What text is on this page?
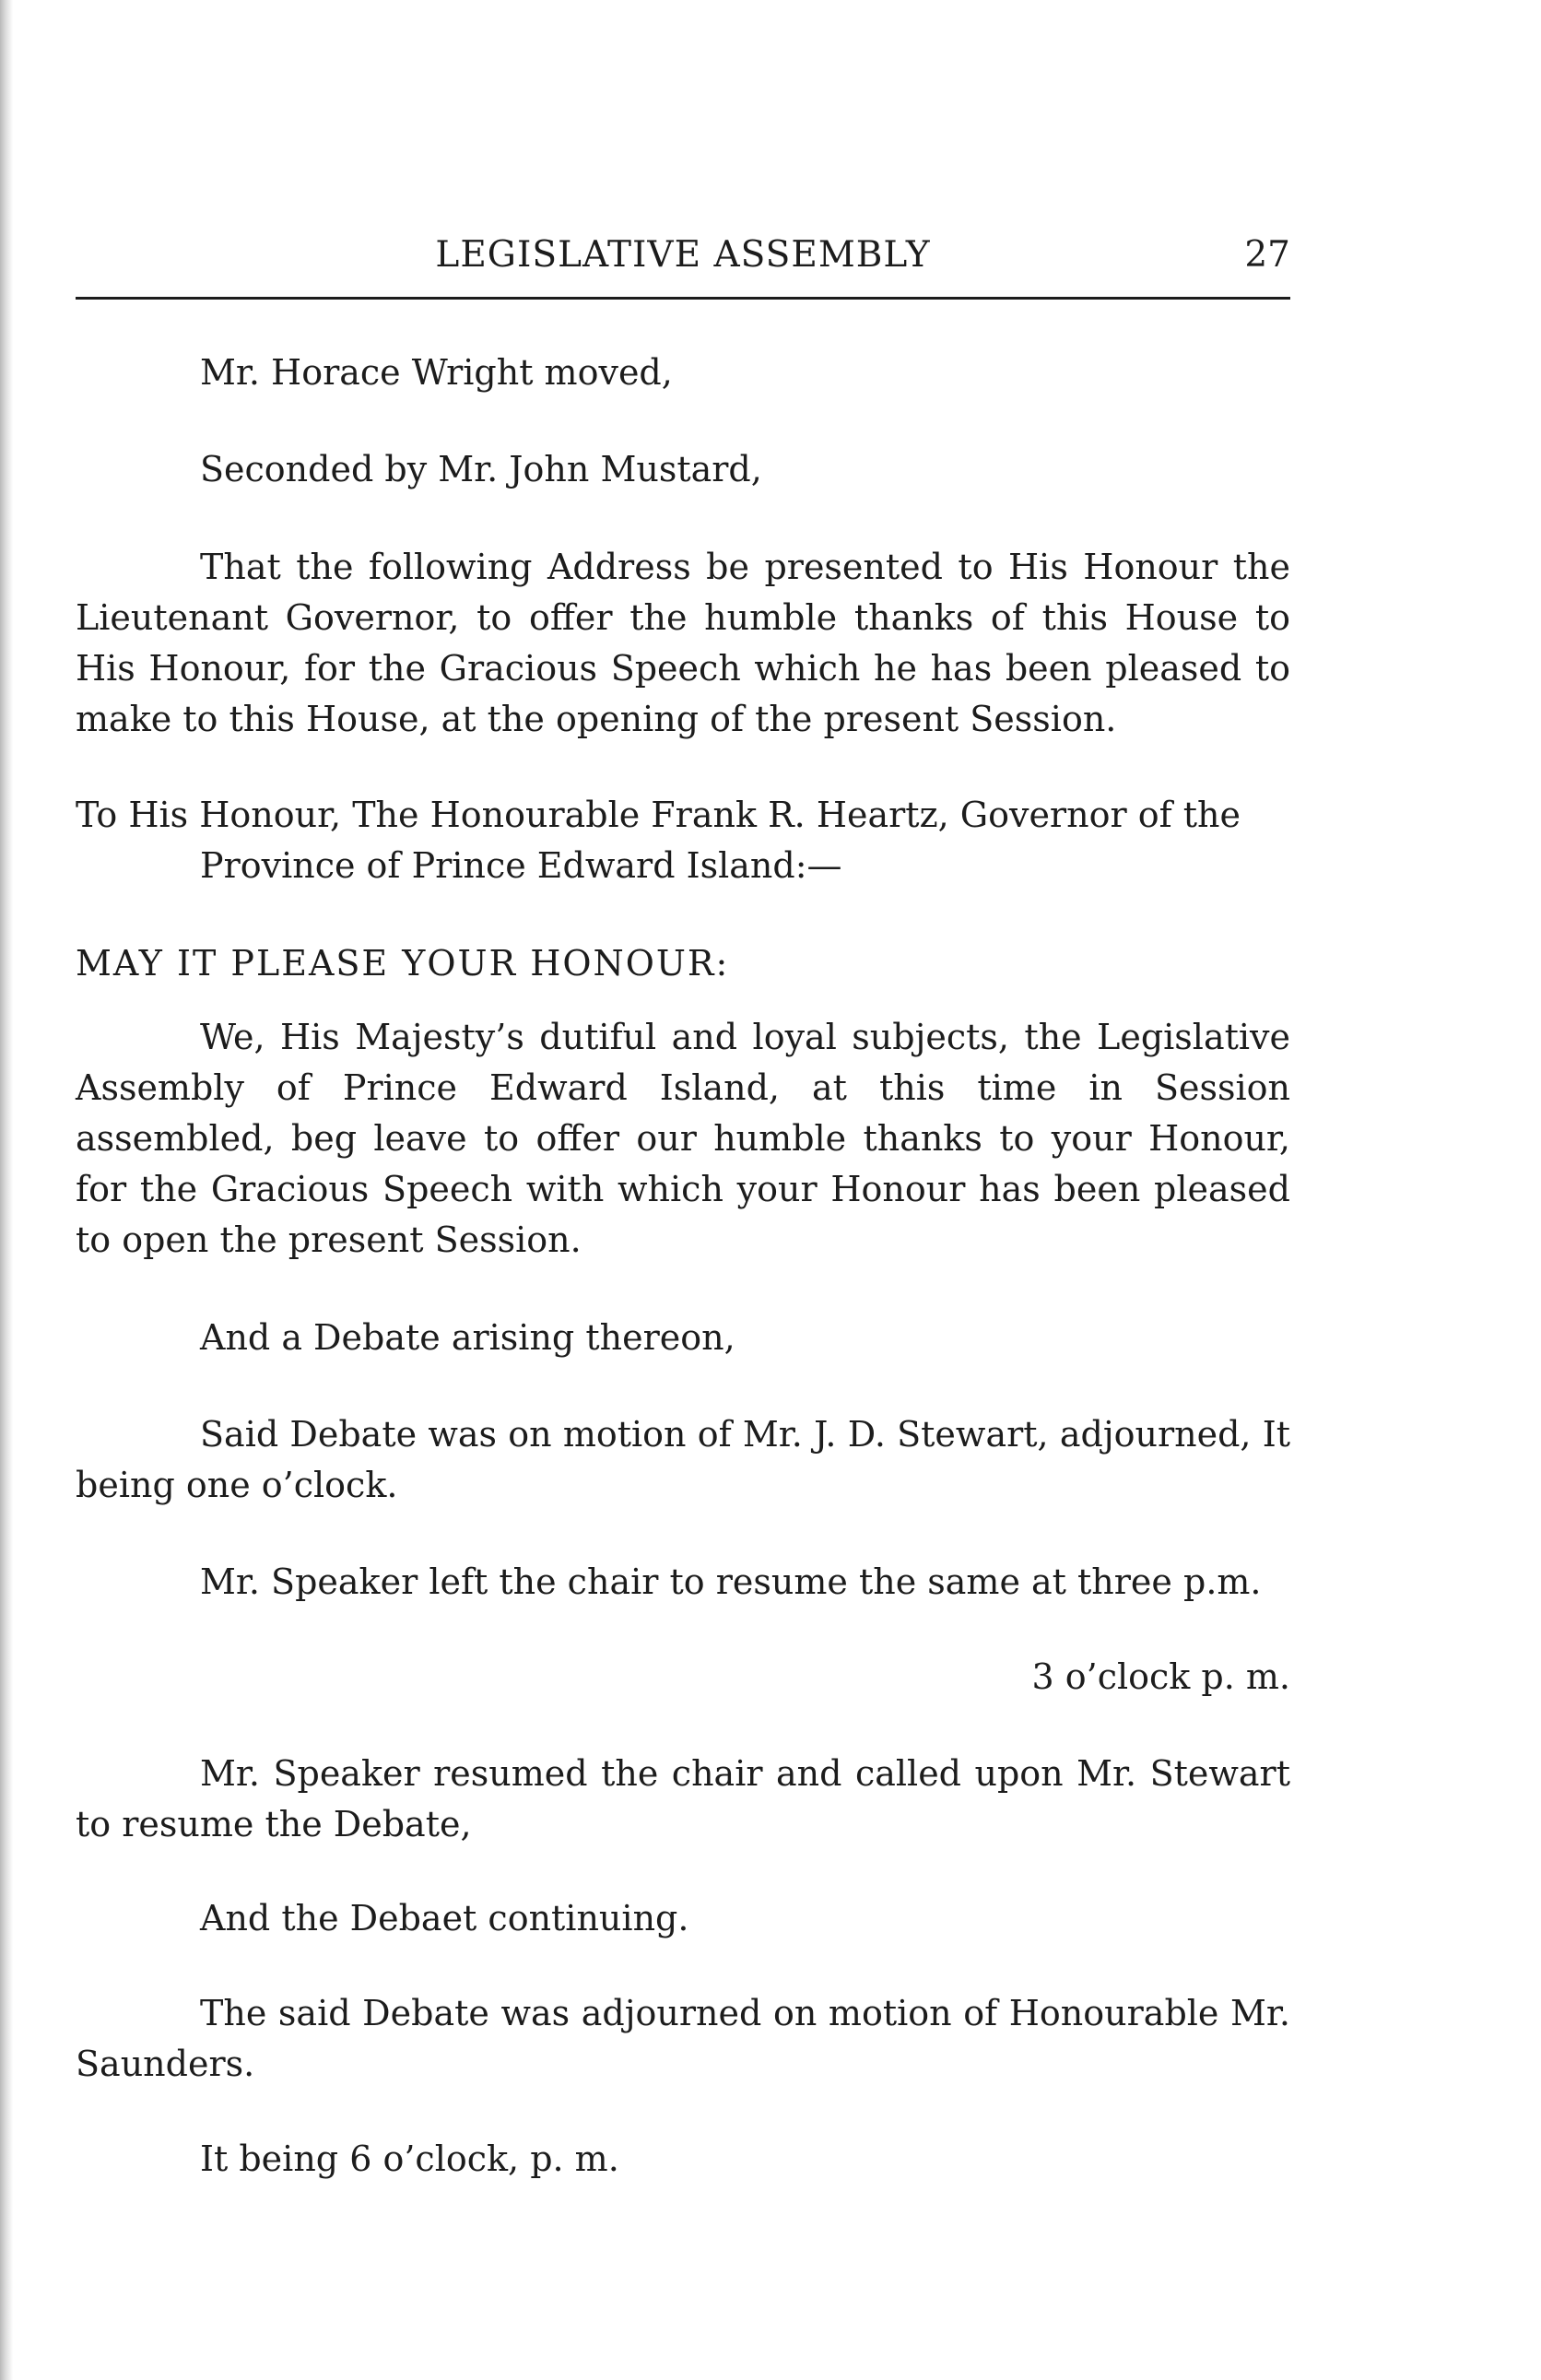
LEGISLATIVE ASSEMBLY	27

Mr. Horace Wright moved,

Seconded by Mr. John Mustard,

That the following Address be presented to His Honour the Lieutenant Governor, to offer the humble thanks of this House to His Honour, for the Gracious Speech which he has been pleased to make to this House, at the opening of the present Session.

To His Honour, The Honourable Frank R. Heartz, Governor of the Province of Prince Edward Island:—

MAY IT PLEASE YOUR HONOUR:

We, His Majesty’s dutiful and loyal subjects, the Legislative Assembly of Prince Edward Island, at this time in Session assembled, beg leave to offer our humble thanks to your Honour, for the Gracious Speech with which your Honour has been pleased to open the present Session.

And a Debate arising thereon,

Said Debate was on motion of Mr. J. D. Stewart, adjourned, It being one o’clock.

Mr. Speaker left the chair to resume the same at three p.m.

3 o’clock p. m.

Mr. Speaker resumed the chair and called upon Mr. Stewart to resume the Debate,

And the Debaet continuing.

The said Debate was adjourned on motion of Honourable Mr. Saunders.

It being 6 o’clock, p. m.
